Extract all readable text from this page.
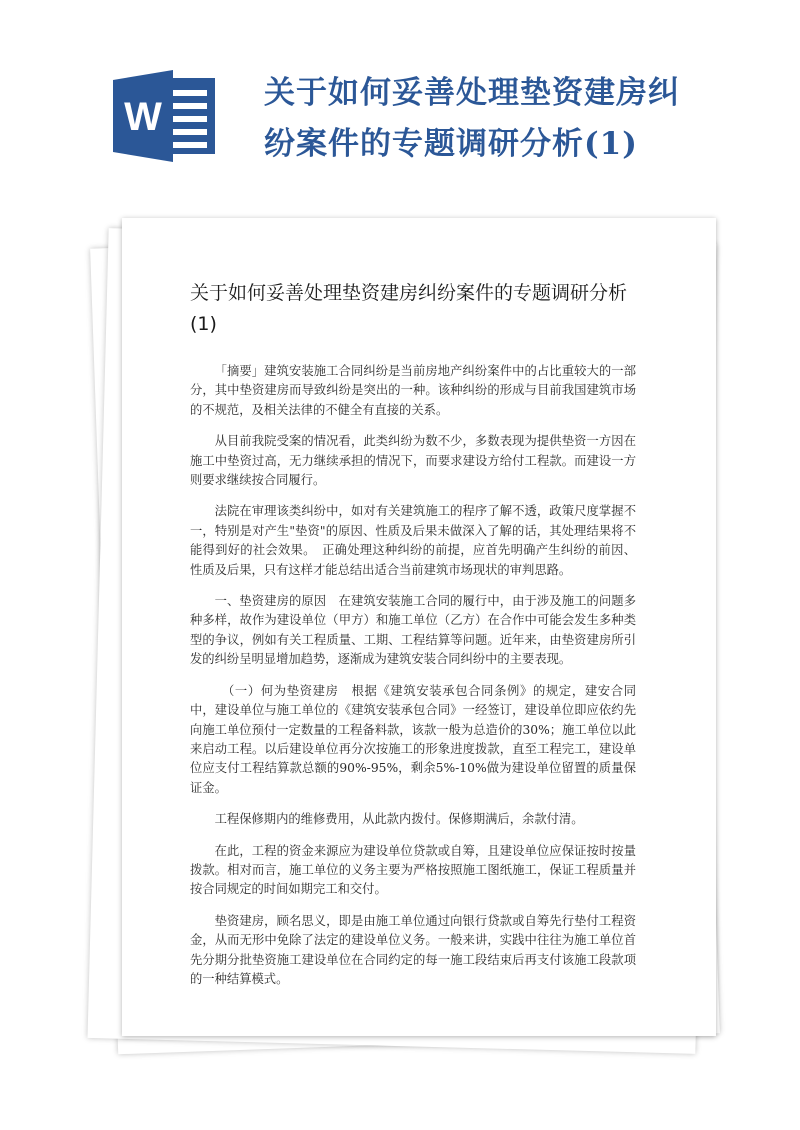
W
关于如何妥善处理垫资建房纠
纷案件的专题调研分析(1)
关于如何妥善处理垫资建房纠纷案件的专题调研分析(1)

「摘要」建筑安装施工合同纠纷是当前房地产纠纷案件中的占比重较大的一部分，其中垫资建房而导致纠纷是突出的一种。该种纠纷的形成与目前我国建筑市场的不规范，及相关法律的不健全有直接的关系。

从目前我院受案的情况看，此类纠纷为数不少，多数表现为提供垫资一方因在施工中垫资过高，无力继续承担的情况下，而要求建设方给付工程款。而建设一方则要求继续按合同履行。

法院在审理该类纠纷中，如对有关建筑施工的程序了解不透，政策尺度掌握不一，特别是对产生"垫资"的原因、性质及后果未做深入了解的话，其处理结果将不能得到好的社会效果。　正确处理这种纠纷的前提，应首先明确产生纠纷的前因、性质及后果，只有这样才能总结出适合当前建筑市场现状的审判思路。

一、垫资建房的原因　在建筑安装施工合同的履行中，由于涉及施工的问题多种多样，故作为建设单位（甲方）和施工单位（乙方）在合作中可能会发生多种类型的争议，例如有关工程质量、工期、工程结算等问题。近年来，由垫资建房所引发的纠纷呈明显增加趋势，逐渐成为建筑安装合同纠纷中的主要表现。

（一）何为垫资建房　根据《建筑安装承包合同条例》的规定，建安合同中，建设单位与施工单位的《建筑安装承包合同》一经签订，建设单位即应依约先向施工单位预付一定数量的工程备料款，该款一般为总造价的30%；施工单位以此来启动工程。以后建设单位再分次按施工的形象进度拨款，直至工程完工，建设单位应支付工程结算款总额的90%-95%，剩余5%-10%做为建设单位留置的质量保证金。

工程保修期内的维修费用，从此款内拨付。保修期满后，余款付清。

在此，工程的资金来源应为建设单位贷款或自筹，且建设单位应保证按时按量拨款。相对而言，施工单位的义务主要为严格按照施工图纸施工，保证工程质量并按合同规定的时间如期完工和交付。

垫资建房，顾名思义，即是由施工单位通过向银行贷款或自筹先行垫付工程资金，从而无形中免除了法定的建设单位义务。一般来讲，实践中往往为施工单位首先分期分批垫资施工建设单位在合同约定的每一施工段结束后再支付该施工段款项的一种结算模式。
